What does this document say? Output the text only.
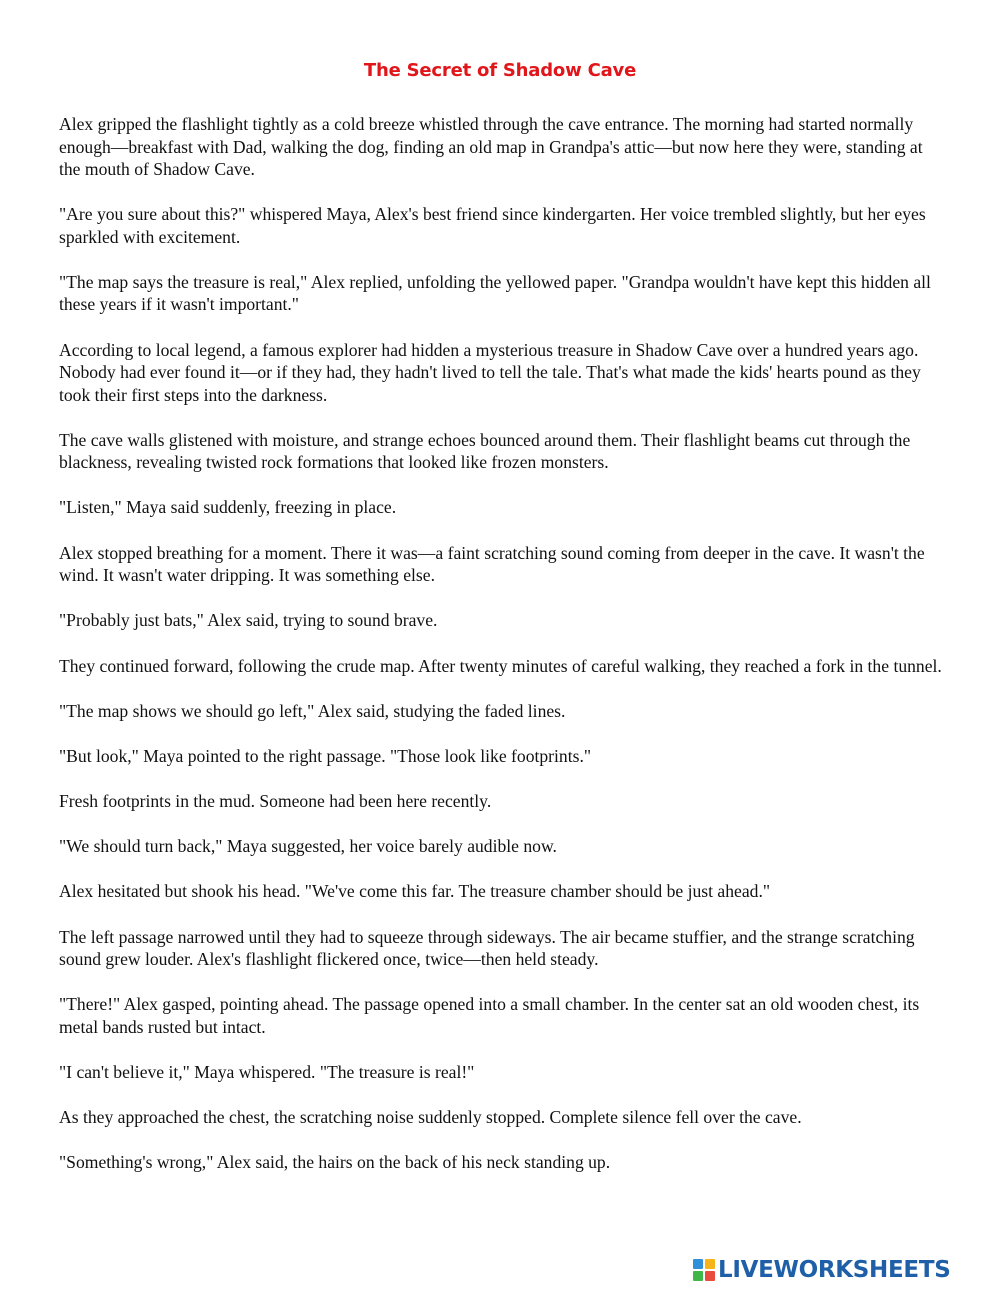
The Secret of Shadow Cave

Alex gripped the flashlight tightly as a cold breeze whistled through the cave entrance. The morning had started normally enough—breakfast with Dad, walking the dog, finding an old map in Grandpa's attic—but now here they were, standing at the mouth of Shadow Cave.

"Are you sure about this?" whispered Maya, Alex's best friend since kindergarten. Her voice trembled slightly, but her eyes sparkled with excitement.

"The map says the treasure is real," Alex replied, unfolding the yellowed paper. "Grandpa wouldn't have kept this hidden all these years if it wasn't important."

According to local legend, a famous explorer had hidden a mysterious treasure in Shadow Cave over a hundred years ago. Nobody had ever found it—or if they had, they hadn't lived to tell the tale. That's what made the kids' hearts pound as they took their first steps into the darkness.

The cave walls glistened with moisture, and strange echoes bounced around them. Their flashlight beams cut through the blackness, revealing twisted rock formations that looked like frozen monsters.

"Listen," Maya said suddenly, freezing in place.

Alex stopped breathing for a moment. There it was—a faint scratching sound coming from deeper in the cave. It wasn't the wind. It wasn't water dripping. It was something else.

"Probably just bats," Alex said, trying to sound brave.

They continued forward, following the crude map. After twenty minutes of careful walking, they reached a fork in the tunnel.

"The map shows we should go left," Alex said, studying the faded lines.

"But look," Maya pointed to the right passage. "Those look like footprints."

Fresh footprints in the mud. Someone had been here recently.

"We should turn back," Maya suggested, her voice barely audible now.

Alex hesitated but shook his head. "We've come this far. The treasure chamber should be just ahead."

The left passage narrowed until they had to squeeze through sideways. The air became stuffier, and the strange scratching sound grew louder. Alex's flashlight flickered once, twice—then held steady.

"There!" Alex gasped, pointing ahead. The passage opened into a small chamber. In the center sat an old wooden chest, its metal bands rusted but intact.

"I can't believe it," Maya whispered. "The treasure is real!"

As they approached the chest, the scratching noise suddenly stopped. Complete silence fell over the cave.

"Something's wrong," Alex said, the hairs on the back of his neck standing up.

LIVEWORKSHEETS
